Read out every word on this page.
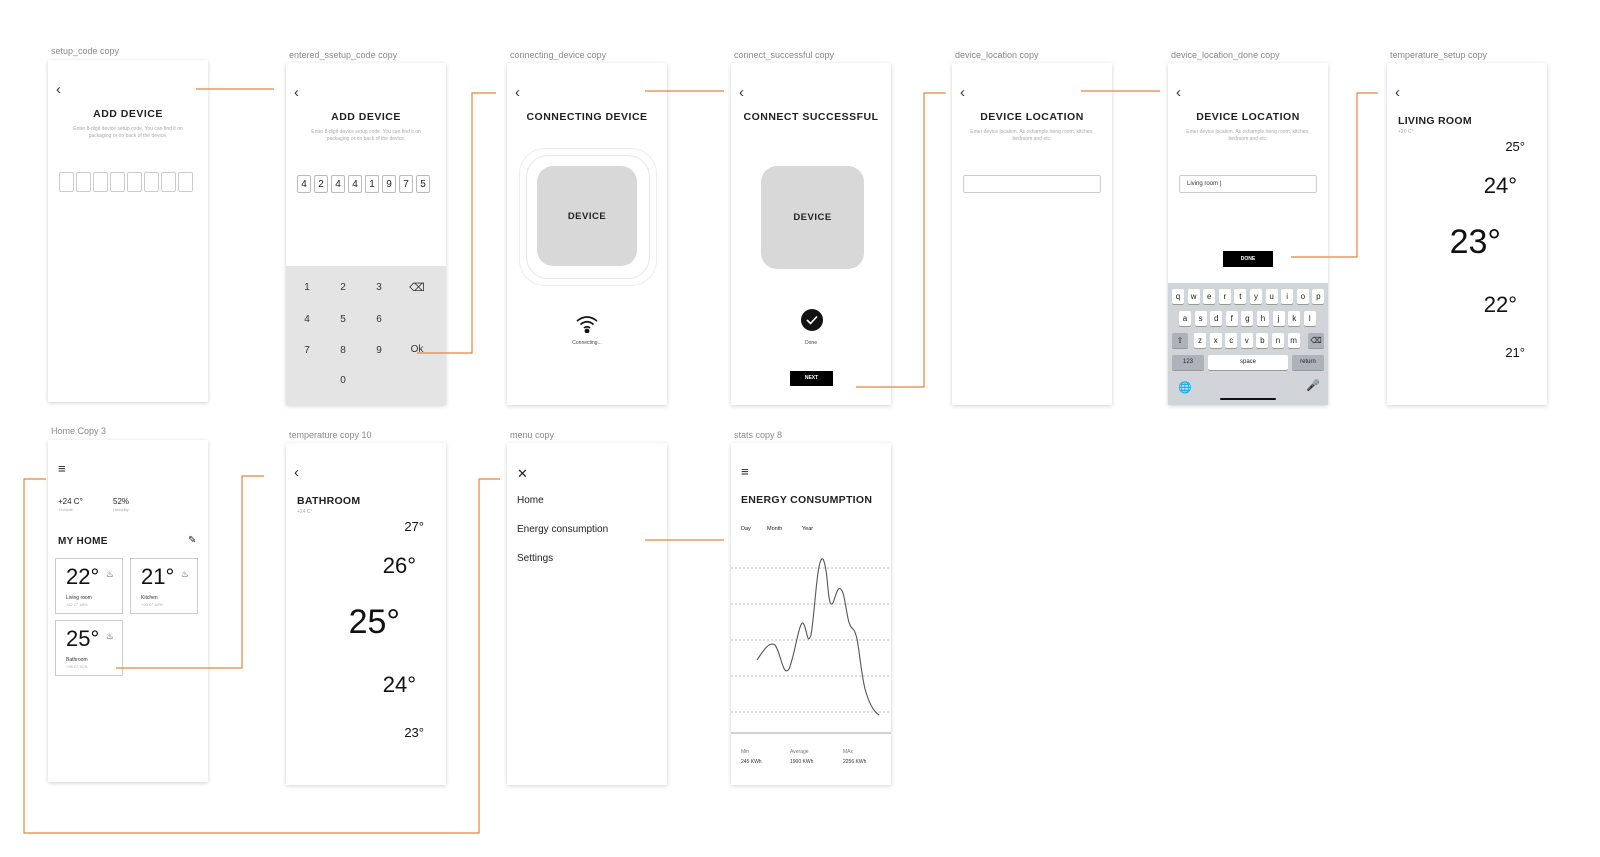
setup_code copy
‹
ADD DEVICE
Enter 8-digit device setup code. You can find it on packaging or on back of the device.
entered_ssetup_code copy
‹
ADD DEVICE
Enter 8-digit device setup code. You can find it on packaging or on back of the device.
4	2	4	4	1	9	7	5
1	2	3	⌫
4	5	6
7	8	9	Ok
0
connecting_device copy
‹
CONNECTING DEVICE
DEVICE
Connecting...
connect_successful copy
‹
CONNECT SUCCESSFUL
DEVICE
Done
NEXT
device_location copy
‹
DEVICE LOCATION
Enter device location. As exhample living room, kitchen, bedroom and etc.
device_location_done copy
‹
DEVICE LOCATION
Enter device location. As exhample living room, kitchen, bedroom and etc.
Living room |
DONE
q	w	e	r	t	y	u	i	o	p
a	s	d	f	g	h	j	k	l
z	x	c	v	b	n	m
⇧	⌫
123	space	return
🌐	🎤
temperature_setup copy
‹
LIVING ROOM
+20 C°
25°
24°
23°
22°
21°
Home Copy 3
≡
+24 C°
Outside
52%
Humidity
MY HOME	✎
22° ♨
Living room
+22 C° 45%
21° ♨
Kitchen
+20 C° 40%
25° ♨
Bathroom
+26 C° 41%
temperature copy 10
‹
BATHROOM
+24 C°
27°
26°
25°
24°
23°
menu copy
✕
Home
Energy consumption
Settings
stats copy 8
≡
ENERGY CONSUMPTION
Day	Month	Year
Min
245 KWh
Average
1900 KWh
MAx
2256 KWh
